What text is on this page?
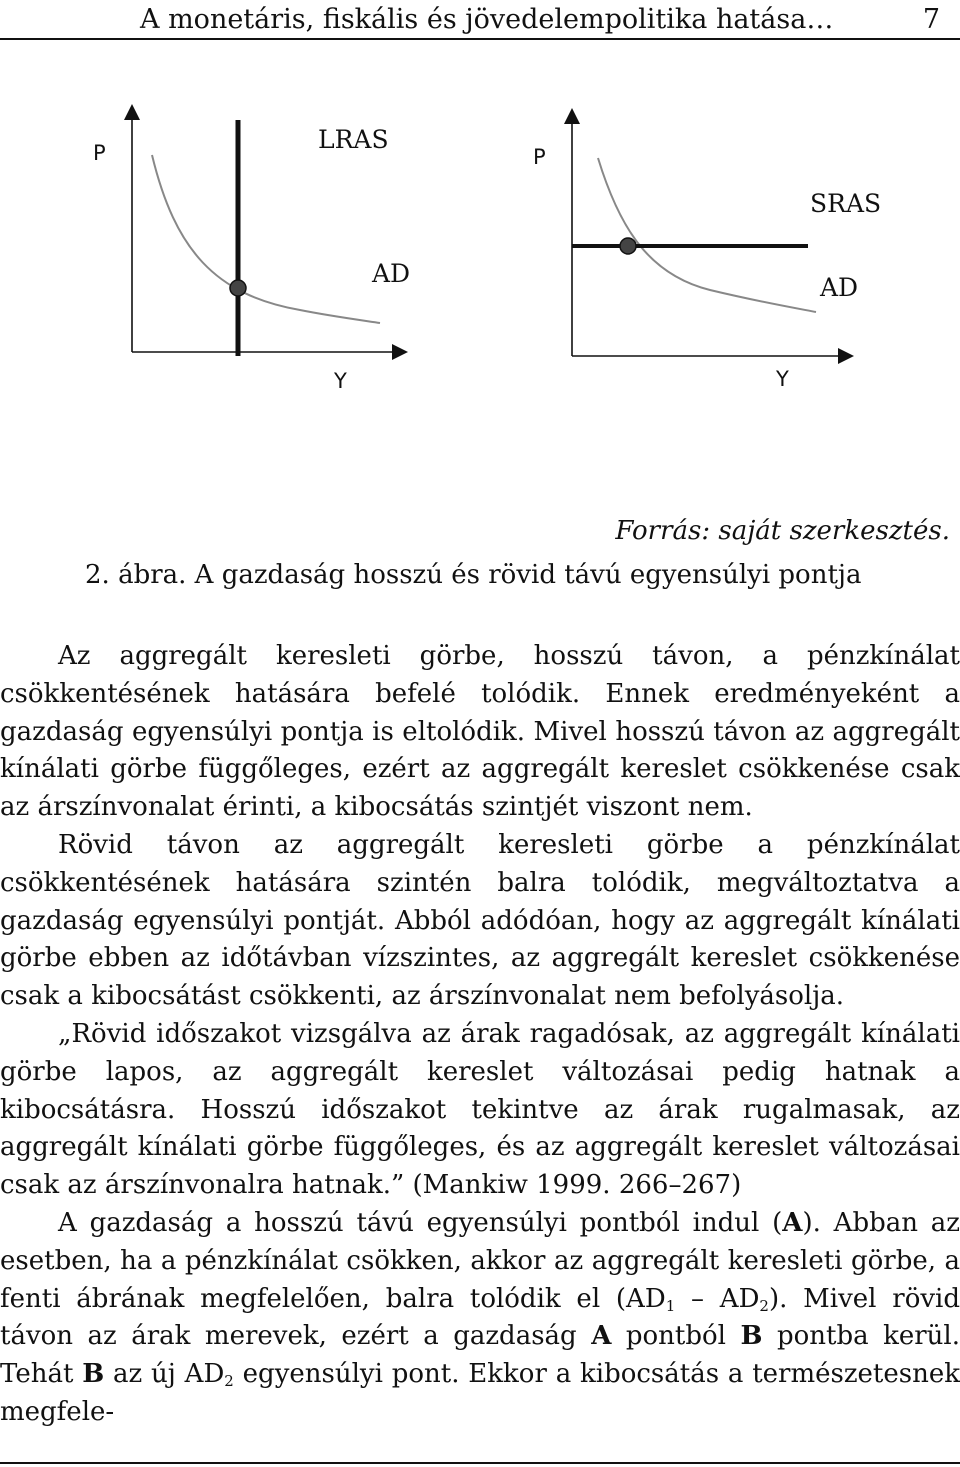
A monetáris, fiskális és jövedelempolitika hatása…	7
P
Y
LRAS
AD
P
Y
SRAS
AD
Forrás: saját szerkesztés.
2. ábra. A gazdaság hosszú és rövid távú egyensúlyi pontja

Az aggregált keresleti görbe, hosszú távon, a pénzkínálat csökkentésének hatására befelé tolódik. Ennek eredményeként a gazdaság egyensúlyi pontja is eltolódik. Mivel hosszú távon az aggregált kínálati görbe függőleges, ezért az aggregált kereslet csökkenése csak az árszínvonalat érinti, a kibocsátás szintjét viszont nem.

Rövid távon az aggregált keresleti görbe a pénzkínálat csökkentésének hatására szintén balra tolódik, megváltoztatva a gazdaság egyensúlyi pontját. Abból adódóan, hogy az aggregált kínálati görbe ebben az időtávban vízszintes, az aggregált kereslet csökkenése csak a kibocsátást csökkenti, az árszínvonalat nem befolyásolja.

„Rövid időszakot vizsgálva az árak ragadósak, az aggregált kínálati görbe lapos, az aggregált kereslet változásai pedig hatnak a kibocsátásra. Hosszú időszakot tekintve az árak rugalmasak, az aggregált kínálati görbe függőleges, és az aggregált kereslet változásai csak az árszínvonalra hatnak.” (Mankiw 1999. 266–267)

A gazdaság a hosszú távú egyensúlyi pontból indul (A). Abban az esetben, ha a pénzkínálat csökken, akkor az aggregált keresleti görbe, a fenti ábrának megfelelően, balra tolódik el $(AD_1 - AD_2)$. Mivel rövid távon az árak merevek, ezért a gazdaság A pontból B pontba kerül. Tehát B az új $AD_2$ egyensúlyi pont. Ekkor a kibocsátás a természetesnek megfele-
